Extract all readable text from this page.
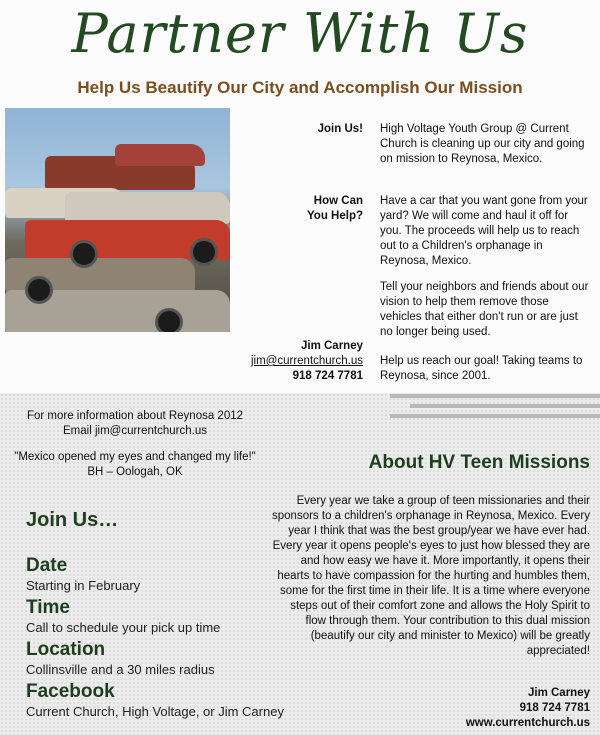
Partner With Us
Help Us Beautify Our City and Accomplish Our Mission
Join Us! High Voltage Youth Group @ Current Church is cleaning up our city and going on mission to Reynosa, Mexico.
How Can
You Help?
Have a car that you want gone from your yard? We will come and haul it off for you. The proceeds will help us to reach out to a Children's orphanage in Reynosa, Mexico.
Tell your neighbors and friends about our vision to help them remove those vehicles that either don't run or are just no longer being used.
Jim Carney
jim@currentchurch.us
918 724 7781
Help us reach our goal! Taking teams to Reynosa, since 2001.
For more information about Reynosa 2012
Email jim@currentchurch.us
"Mexico opened my eyes and changed my life!"
BH – Oologah, OK
Join Us…
Date
Starting in February
Time
Call to schedule your pick up time
Location
Collinsville and a 30 miles radius
Facebook
Current Church, High Voltage, or Jim Carney
About HV Teen Missions
Every year we take a group of teen missionaries and their sponsors to a children's orphanage in Reynosa, Mexico. Every year I think that was the best group/year we have ever had. Every year it opens people's eyes to just how blessed they are and how easy we have it. More importantly, it opens their hearts to have compassion for the hurting and humbles them, some for the first time in their life. It is a time where everyone steps out of their comfort zone and allows the Holy Spirit to flow through them. Your contribution to this dual mission (beautify our city and minister to Mexico) will be greatly appreciated!
Jim Carney
918 724 7781
www.currentchurch.us
